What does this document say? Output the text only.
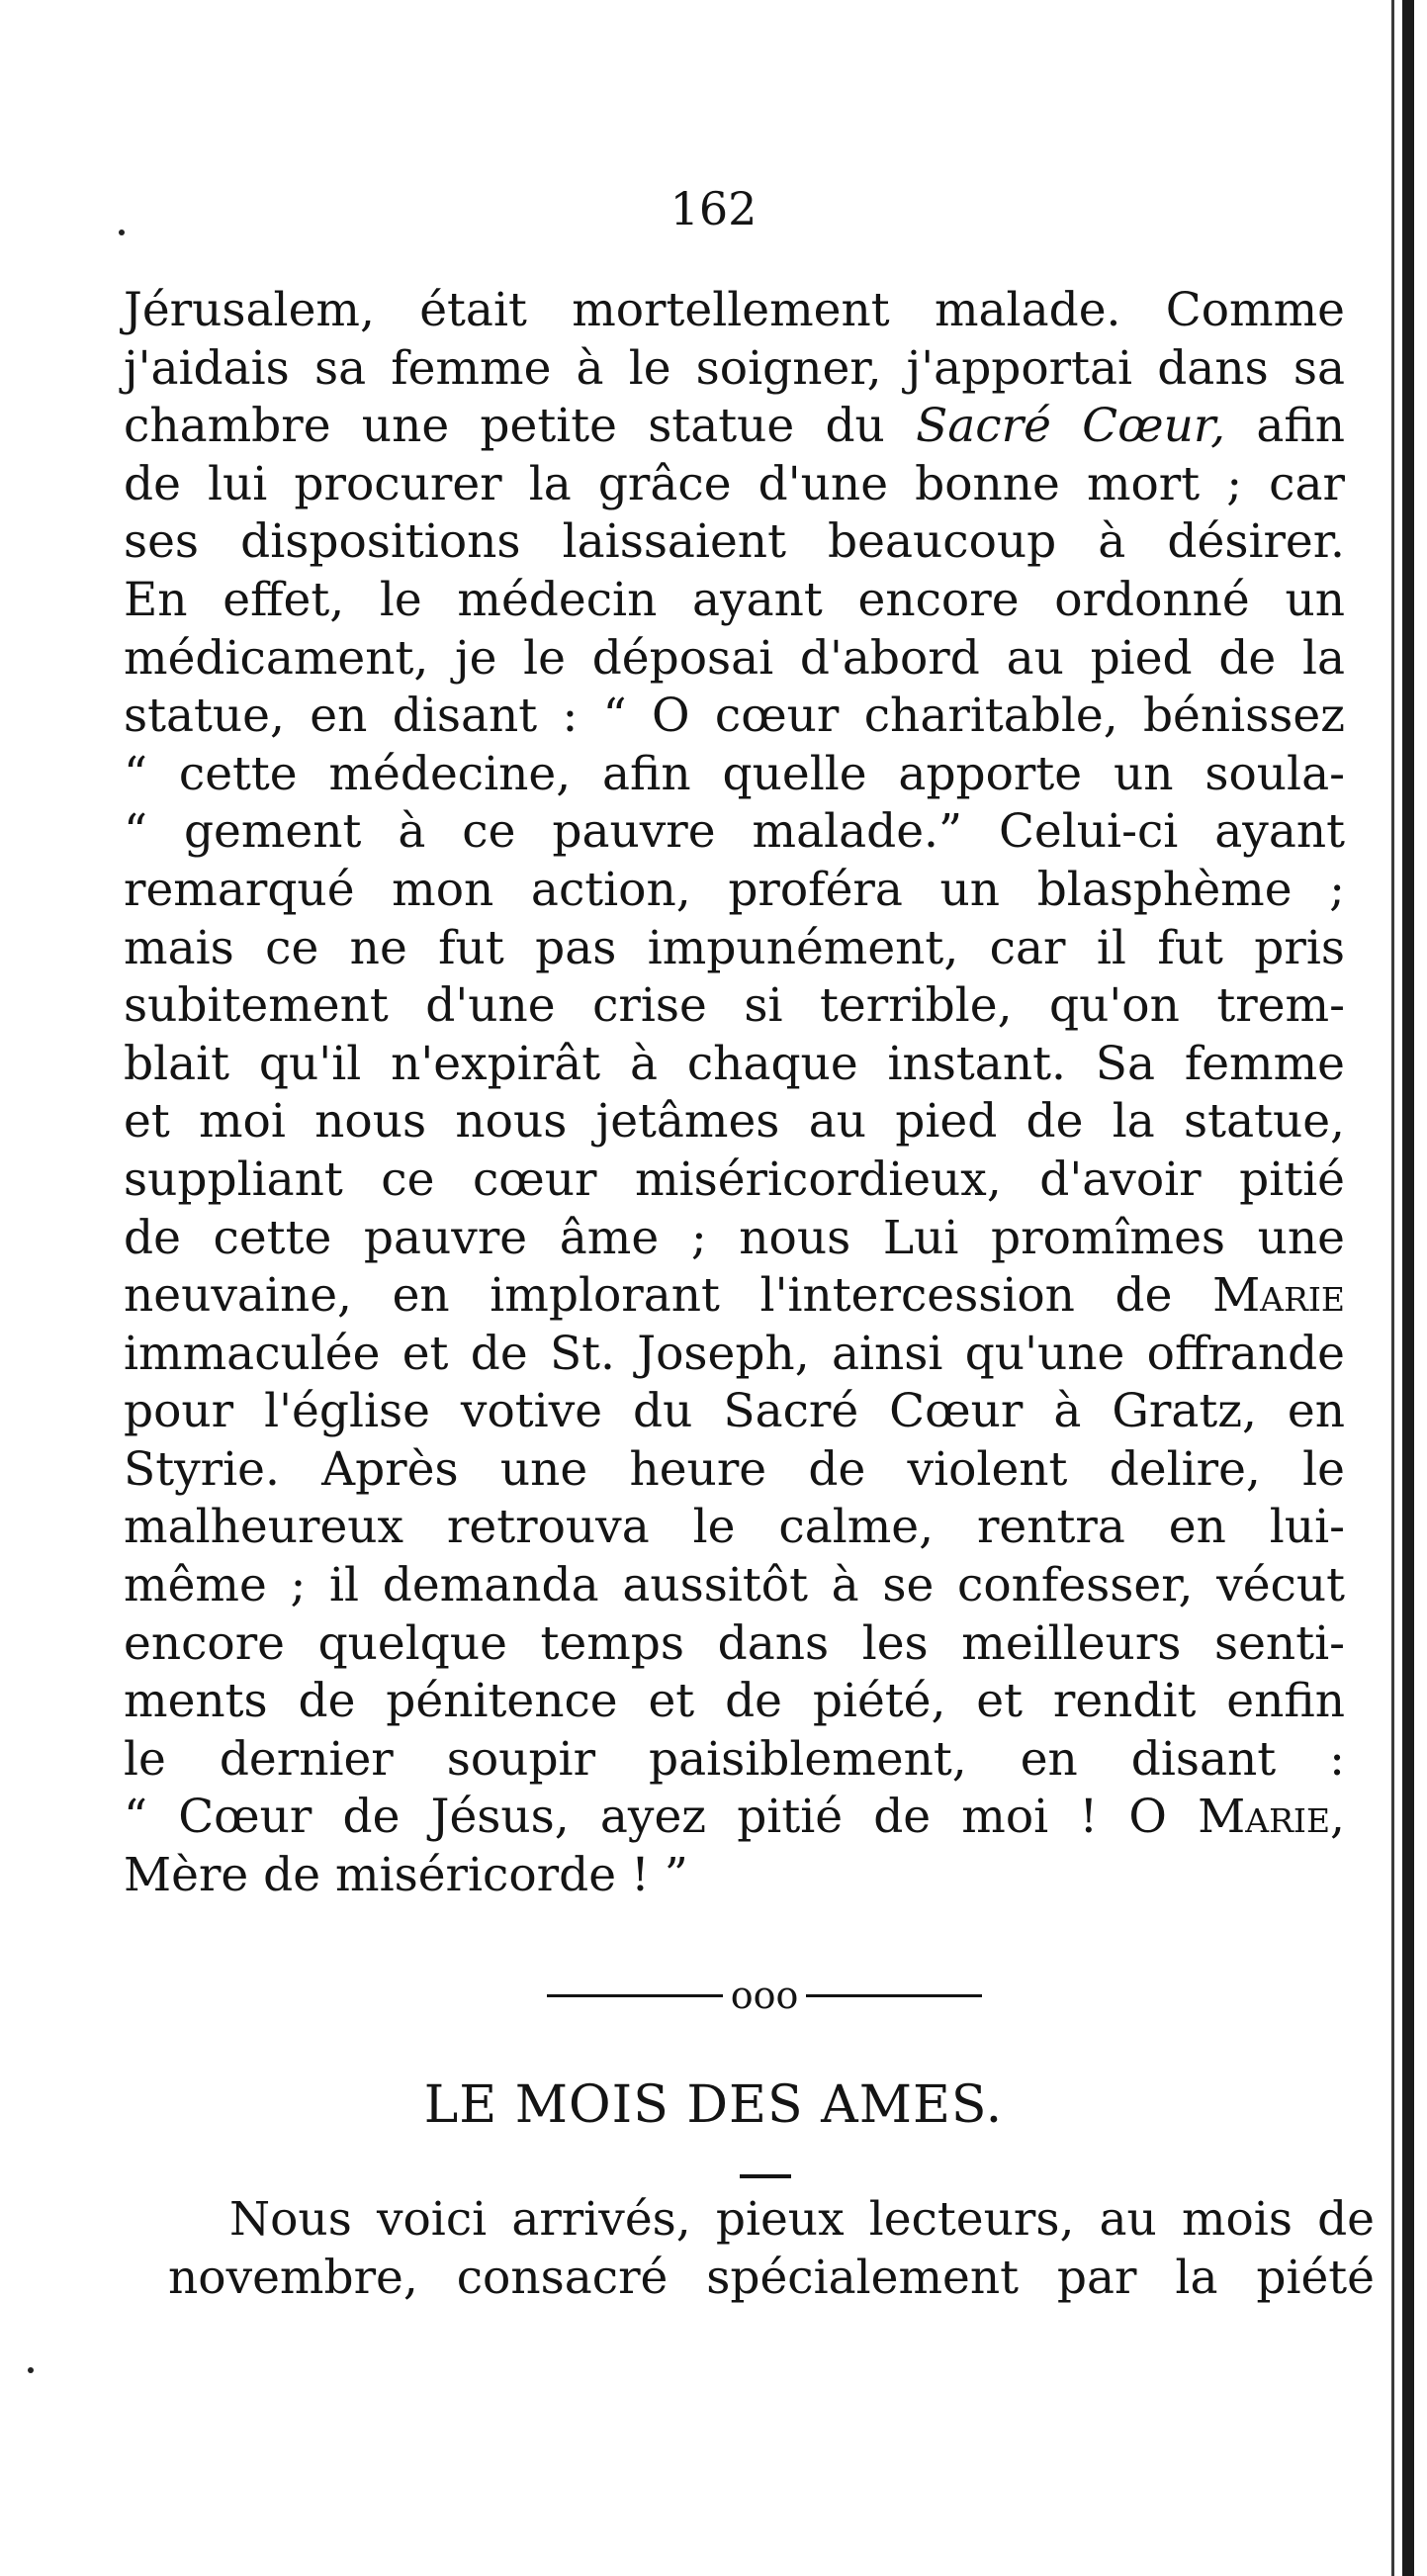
162
Jérusalem, était mortellement malade. Comme
j'aidais sa femme à le soigner, j'apportai dans sa
chambre une petite statue du Sacré Cœur, afin
de lui procurer la grâce d'une bonne mort ; car
ses dispositions laissaient beaucoup à désirer.
En effet, le médecin ayant encore ordonné un
médicament, je le déposai d'abord au pied de la
statue, en disant : “ O cœur charitable, bénissez
“ cette médecine, afin quelle apporte un soula-
“ gement à ce pauvre malade.” Celui-ci ayant
remarqué mon action, proféra un blasphème ;
mais ce ne fut pas impunément, car il fut pris
subitement d'une crise si terrible, qu'on trem-
blait qu'il n'expirât à chaque instant. Sa femme
et moi nous nous jetâmes au pied de la statue,
suppliant ce cœur miséricordieux, d'avoir pitié
de cette pauvre âme ; nous Lui promîmes une
neuvaine, en implorant l'intercession de Marie
immaculée et de St. Joseph, ainsi qu'une offrande
pour l'église votive du Sacré Cœur à Gratz, en
Styrie. Après une heure de violent delire, le
malheureux retrouva le calme, rentra en lui-
même ; il demanda aussitôt à se confesser, vécut
encore quelque temps dans les meilleurs senti-
ments de pénitence et de piété, et rendit enfin
le dernier soupir paisiblement, en disant :
“ Cœur de Jésus, ayez pitié de moi ! O Marie,
Mère de miséricorde ! ”
ooo
LE MOIS DES AMES.
Nous voici arrivés, pieux lecteurs, au mois de
novembre, consacré spécialement par la piété
